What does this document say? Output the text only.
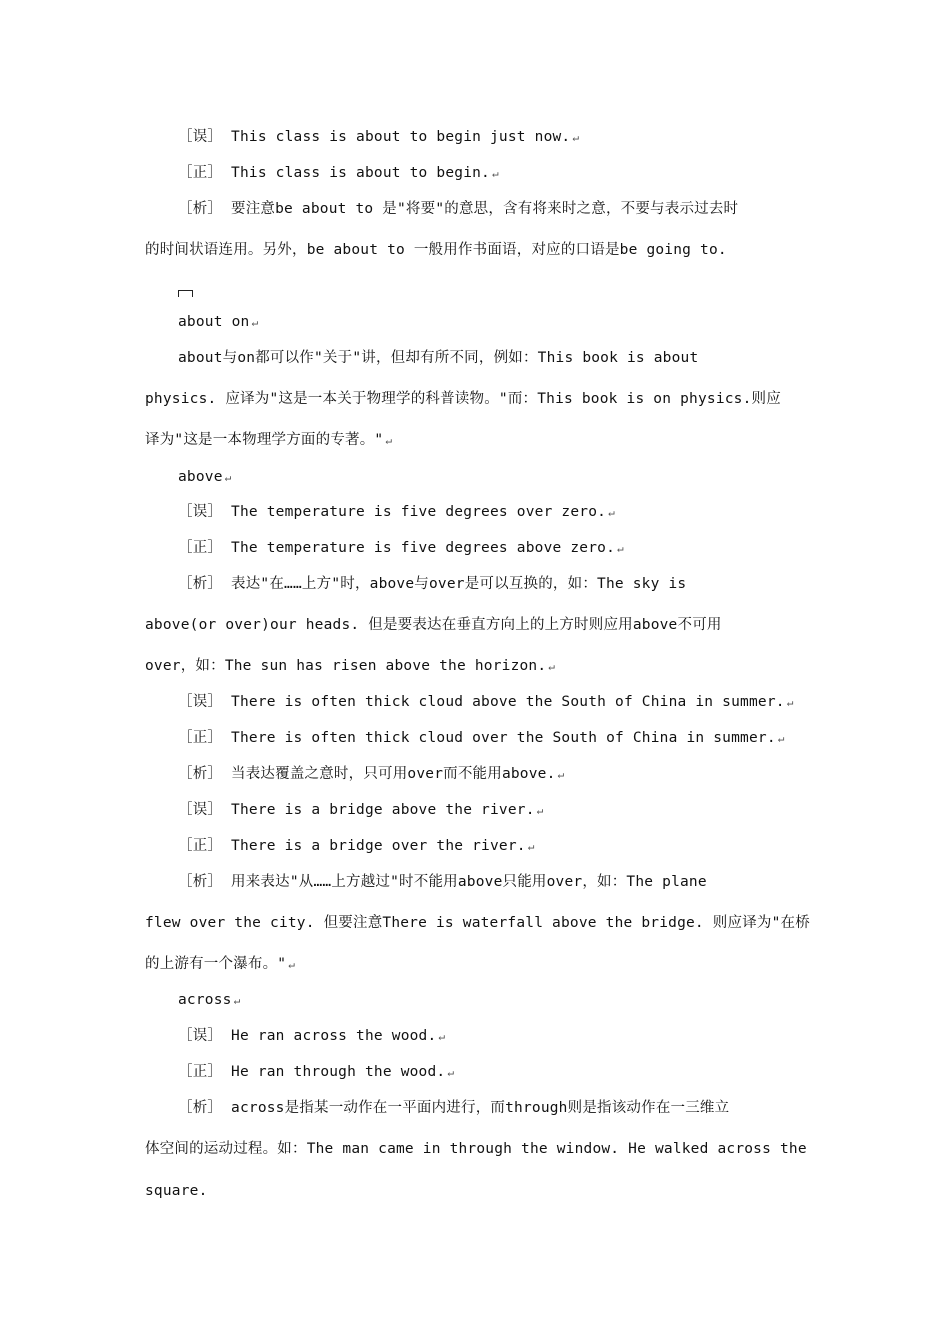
［误］ This class is about to begin just now. ↵
［正］ This class is about to begin. ↵
［析］ 要注意be about to 是"将要"的意思，含有将来时之意，不要与表示过去时
的时间状语连用。另外，be about to 一般用作书面语，对应的口语是be going to.
about on ↵
about与on都可以作"关于"讲，但却有所不同，例如：This book is about
physics. 应译为"这是一本关于物理学的科普读物。"而：This book is on physics.则应
译为"这是一本物理学方面的专著。" ↵
above ↵
［误］ The temperature is five degrees over zero. ↵
［正］ The temperature is five degrees above zero. ↵
［析］ 表达"在……上方"时，above与over是可以互换的，如：The sky is
above(or over)our heads. 但是要表达在垂直方向上的上方时则应用above不可用
over，如：The sun has risen above the horizon. ↵
［误］ There is often thick cloud above the South of China in summer. ↵
［正］ There is often thick cloud over the South of China in summer. ↵
［析］ 当表达覆盖之意时，只可用over而不能用above. ↵
［误］ There is a bridge above the river. ↵
［正］ There is a bridge over the river. ↵
［析］ 用来表达"从……上方越过"时不能用above只能用over，如：The plane
flew over the city. 但要注意There is waterfall above the bridge. 则应译为"在桥
的上游有一个瀑布。" ↵
across ↵
［误］ He ran across the wood. ↵
［正］ He ran through the wood. ↵
［析］ across是指某一动作在一平面内进行，而through则是指该动作在一三维立
体空间的运动过程。如：The man came in through the window. He walked across the
square.
